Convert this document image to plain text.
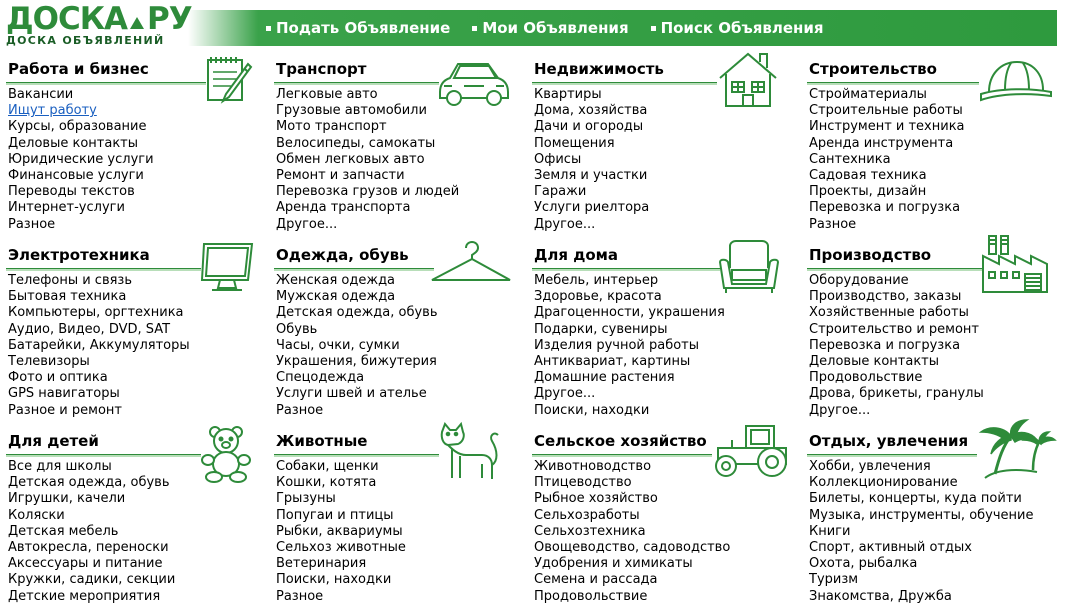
Подать Объявление Мои Объявления Поиск Объявления
ДОСКА РУ
ДОСКА ОБЪЯВЛЕНИЙ
Работа и бизнес
Вакансии
Ищут работу
Курсы, образование
Деловые контакты
Юридические услуги
Финансовые услуги
Переводы текстов
Интернет-услуги
Разное
Транспорт
Легковые авто
Грузовые автомобили
Мото транспорт
Велосипеды, самокаты
Обмен легковых авто
Ремонт и запчасти
Перевозка грузов и людей
Аренда транспорта
Другое...
Недвижимость
Квартиры
Дома, хозяйства
Дачи и огороды
Помещения
Офисы
Земля и участки
Гаражи
Услуги риелтора
Другое...
Строительство
Стройматериалы
Строительные работы
Инструмент и техника
Аренда инструмента
Сантехника
Садовая техника
Проекты, дизайн
Перевозка и погрузка
Разное
Электротехника
Телефоны и связь
Бытовая техника
Компьютеры, оргтехника
Аудио, Видео, DVD, SAT
Батарейки, Аккумуляторы
Телевизоры
Фото и оптика
GPS навигаторы
Разное и ремонт
Одежда, обувь
Женская одежда
Мужская одежда
Детская одежда, обувь
Обувь
Часы, очки, сумки
Украшения, бижутерия
Спецодежда
Услуги швей и ателье
Разное
Для дома
Мебель, интерьер
Здоровье, красота
Драгоценности, украшения
Подарки, сувениры
Изделия ручной работы
Антиквариат, картины
Домашние растения
Другое...
Поиски, находки
Производство
Оборудование
Производство, заказы
Хозяйственные работы
Строительство и ремонт
Перевозка и погрузка
Деловые контакты
Продовольствие
Дрова, брикеты, гранулы
Другое...
Для детей
Все для школы
Детская одежда, обувь
Игрушки, качели
Коляски
Детская мебель
Автокресла, переноски
Аксессуары и питание
Кружки, садики, секции
Детские мероприятия
Животные
Собаки, щенки
Кошки, котята
Грызуны
Попугаи и птицы
Рыбки, аквариумы
Сельхоз животные
Ветеринария
Поиски, находки
Разное
Сельское хозяйство
Животноводство
Птицеводство
Рыбное хозяйство
Сельхозработы
Сельхозтехника
Овощеводство, садоводство
Удобрения и химикаты
Семена и рассада
Продовольствие
Отдых, увлечения
Хобби, увлечения
Коллекционирование
Билеты, концерты, куда пойти
Музыка, инструменты, обучение
Книги
Спорт, активный отдых
Охота, рыбалка
Туризм
Знакомства, Дружба
